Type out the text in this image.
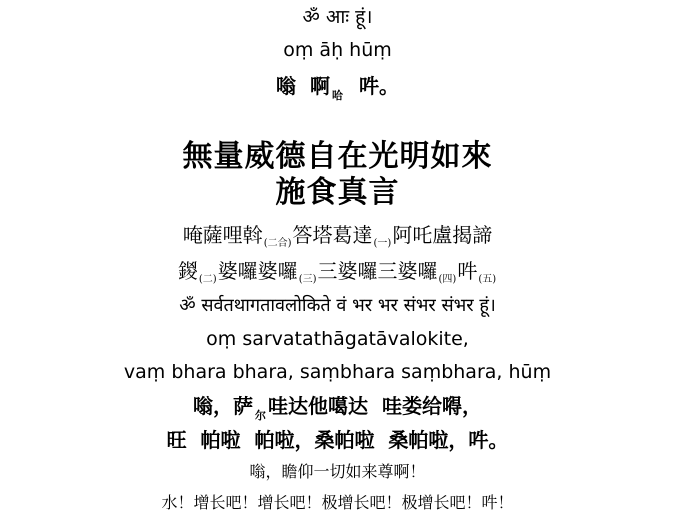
ॐ आः हूं।
oṃ āḥ hūṃ
嗡 啊 $_哈$ 吽。
無量威德自在光明如來
施食真言
唵薩哩斡$_{(二合)}$答塔葛達$_{(一)}$阿吒盧揭諦
鍐$_{(二)}$婆囉婆囉$_{(三)}$三婆囉三婆囉$_{(四)}$吽$_{(五)}$
ॐ सर्वतथागतावलोकिते वं भर भर संभर संभर हूं।
oṃ sarvatathāgatāvalokite,
vaṃ bhara bhara, saṃbhara saṃbhara, hūṃ
嗡，萨 $_尔$ 哇达他噶达  哇娄给嘚，
旺  帕啦  帕啦，桑帕啦  桑帕啦，吽。
嗡，瞻仰一切如来尊啊！
水！增长吧！增长吧！极增长吧！极增长吧！吽！
